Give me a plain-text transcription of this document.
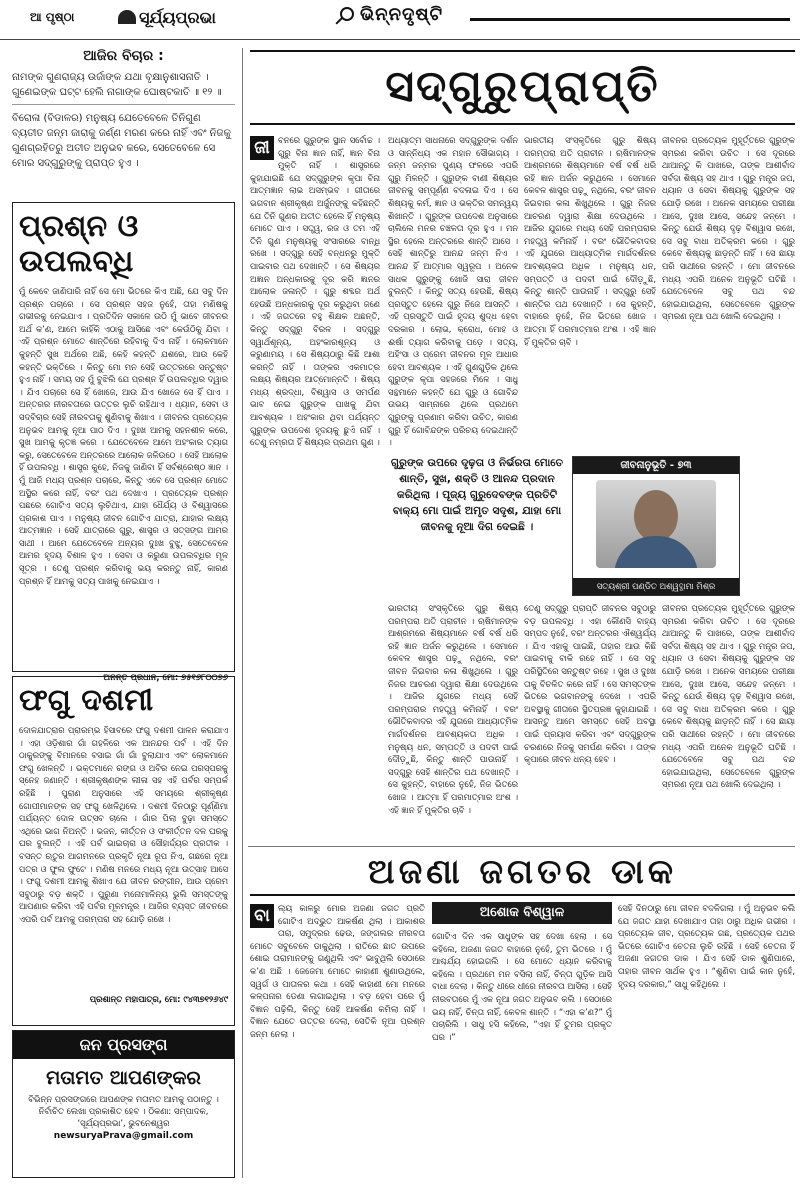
ଆ ପୃଷ୍ଠା	ସୂର୍ଯ୍ୟପ୍ରଭା	ଭିନ୍ନଦୃଷ୍ଟି
ଆଜିର ବିଚାର :
ନାମଙ୍କ ଗୁଣରାଜ୍ୟ ଉର୍ଜାଙ୍କ ଯଥା ବୃକ୍ଷାନୁଶାସନାତି । ଗୁଣେଇଙ୍କ ଘଟ୍ଟ ହେଲି ନାଗାଙ୍କ ଘୋଷ୍ଟକାତି ॥ ୧୨ ॥
ବିରୋଳା (ବିଡାଳର) ମନୁଷ୍ୟ ଯେତେବେଳେ ତିନିଗୁଣ ବ୍ୟତୀତ ଜନ୍ମ ଜାରାକୁ ଜର୍ଣ୍ଣ ମରଣ କରେ ନାହିଁ ଏବଂ ନିଜକୁ ଗୁଣଗ୍ରହିତରୁ ଅତୀତ ଅନୁଭବ କରେ, ସେତେବେଳେ ସେ ମୋର ସଦ୍‌ଗୁରୁଙ୍କୁ ପ୍ରାପ୍ତ ହୁଏ ।
ପ୍ରଶ୍ନ ଓ ଉପଲବ୍ଧି
ମୁଁ କେବେ ଜାଣିପାରି ନାହିଁ ସେ ମୋ ଭିତରେ କିଏ ଅଛି, ଯେ ସବୁ ଦିନ ପ୍ରଶ୍ନ ପଚାରେ । ସେ ପ୍ରଶ୍ନ ସହଜ ନୁହେଁ, ତାହା ମଣିଷକୁ ଗଭୀରକୁ ନେଇଯାଏ । ପ୍ରତିଦିନ ସକାଳେ ଉଠି ମୁଁ ଭାବେ ଜୀବନର ଅର୍ଥ କ’ଣ, ଆମେ କାହିଁକି ଏଠାକୁ ଆସିଛେ ଏବଂ କେଉଁଠିକୁ ଯିବା । ଏହି ପ୍ରଶ୍ନ ମୋତେ ଶାନ୍ତିରେ ରହିବାକୁ ଦିଏ ନାହିଁ । ଲୋକମାନେ କୁହନ୍ତି ସୁଖ ଅର୍ଥରେ ଅଛି, କେହି କହନ୍ତି ଯଶରେ, ଆଉ କେହି କହନ୍ତି ଭକ୍ତିରେ । କିନ୍ତୁ ମୋ ମନ ସେହି ଉତ୍ତରରେ ସନ୍ତୁଷ୍ଟ ହୁଏ ନାହିଁ । ସମୟ ସହ ମୁଁ ବୁଝିଲି ଯେ ପ୍ରଶ୍ନ ହିଁ ଉପଲବ୍ଧିର ଦ୍ୱାର । ଯିଏ ପଚାରେ ସେ ହିଁ ଖୋଜେ, ଆଉ ଯିଏ ଖୋଜେ ସେ ହିଁ ପାଏ । ଅନ୍ତରର ନୀରବତାରେ ଉତ୍ତର ଲୁଚି ରହିଥାଏ । ଧ୍ୟାନ, ସେବା ଓ ସଦ୍‌ବିଚାର ସେହି ନୀରବତାକୁ ଶୁଣିବାକୁ ଶିଖାଏ । ଜୀବନର ପ୍ରତ୍ୟେକ ଅନୁଭବ ଆମକୁ ନୂଆ ପାଠ ଦିଏ । ଦୁଃଖ ଆମକୁ ସହନଶୀଳ କରେ, ସୁଖ ଆମକୁ କୃତଜ୍ଞ କରେ । ଯେତେବେଳେ ଆମେ ଅହଂକାର ତ୍ୟାଗ କରୁ, ସେତେବେଳେ ଅନ୍ତରରେ ଆଲୋକ ଜଳିଉଠେ । ସେହି ଆଲୋକ ହିଁ ଉପଲବ୍ଧି । ଶାସ୍ତ୍ର କୁହେ, ନିଜକୁ ଜାଣିବା ହିଁ ସର୍ବଶ୍ରେଷ୍ଠ ଜ୍ଞାନ । ମୁଁ ଆଜି ମଧ୍ୟ ପ୍ରଶ୍ନ ପଚାରେ, କିନ୍ତୁ ଏବେ ସେ ପ୍ରଶ୍ନ ମୋତେ ଅସ୍ଥିର କରେ ନାହିଁ, ବରଂ ପଥ ଦେଖାଏ । ପ୍ରତ୍ୟେକ ପ୍ରଶ୍ନ ପଛରେ ଗୋଟିଏ ସତ୍ୟ ଲୁଚିଥାଏ, ଯାହା ଧୈର୍ଯ୍ୟ ଓ ବିଶ୍ୱାସରେ ପ୍ରକାଶ ପାଏ । ମନୁଷ୍ୟ ଜୀବନ ଗୋଟିଏ ଯାତ୍ରା, ଯାହାର ଲକ୍ଷ୍ୟ ଆତ୍ମଜ୍ଞାନ । ସେହି ଯାତ୍ରାରେ ଗୁରୁ, ଶାସ୍ତ୍ର ଓ ସତ୍‌ସଙ୍ଗ ଆମର ସାଥୀ । ଆମେ ଯେତେବେଳେ ଅନ୍ୟର ଦୁଃଖ ବୁଝୁ, ସେତେବେଳେ ଆମର ହୃଦୟ ବିଶାଳ ହୁଏ । ସେବା ଓ କରୁଣା ଉପଲବ୍ଧିର ମୂଳ ସୂତ୍ର । ତେଣୁ ପ୍ରଶ୍ନ କରିବାକୁ ଭୟ କରନ୍ତୁ ନାହିଁ, କାରଣ ପ୍ରଶ୍ନ ହିଁ ଆମକୁ ସତ୍ୟ ପାଖକୁ ନେଇଯାଏ ।
ଅନନ୍ତ ପ୍ରଧାନ, ମୋ: ୭୫୧୬୮୦୦୭୬
ଫଗୁ ଦଶମୀ
ଦୋଳଯାତ୍ରାର ପ୍ରାରମ୍ଭ ହିସାବରେ ଫଗୁ ଦଶମୀ ପାଳନ କରାଯାଏ । ଏହା ଓଡ଼ିଶାର ଗାଁ ଗହଳିରେ ଏକ ଆନନ୍ଦର ପର୍ବ । ଏହି ଦିନ ଠାକୁରଙ୍କୁ ବିମାନରେ ବସାଇ ଗାଁ ଗାଁ ବୁଲାଯାଏ ଏବଂ ଲୋକମାନେ ଫଗୁ ଖେଳନ୍ତି । ଭକ୍ତମାନେ ରଙ୍ଗ ଓ ଅବିର ନେଇ ପରସ୍ପରକୁ ସ୍ନେହ ଜଣାନ୍ତି । ଶ୍ରୀକୃଷ୍ଣଙ୍କ ଲୀଳା ସହ ଏହି ପର୍ବର ସମ୍ପର୍କ ରହିଛି । ପୁରାଣ ଅନୁସାରେ ଏହି ସମୟରେ ଶ୍ରୀକୃଷ୍ଣ ଗୋପୀମାନଙ୍କ ସହ ଫଗୁ ଖେଳିଥିଲେ । ଦଶମୀ ଦିନଠାରୁ ପୂର୍ଣ୍ଣିମା ପର୍ଯ୍ୟନ୍ତ ଦୋଳ ଉତ୍ସବ ଚାଲେ । ଗାଁର ପିଲା ବୁଢ଼ା ସମସ୍ତେ ଏଥିରେ ଭାଗ ନିଅନ୍ତି । ଭଜନ, କୀର୍ତ୍ତନ ଓ ସଂକୀର୍ତ୍ତନ ଦଳ ଘରକୁ ଘର ବୁଲନ୍ତି । ଏହି ପର୍ବ ଭାଇଚାରା ଓ ସୌହାର୍ଦ୍ଦ୍ୟର ପ୍ରତୀକ । ବସନ୍ତ ଋତୁର ଆଗମନରେ ପ୍ରକୃତି ନୂଆ ରୂପ ନିଏ, ଗଛରେ ନୂଆ ପତ୍ର ଓ ଫୁଲ ଫୁଟେ । ମଣିଷ ମନରେ ମଧ୍ୟ ନୂଆ ଉତ୍ସାହ ଆସେ । ଫଗୁ ଦଶମୀ ଆମକୁ ଶିଖାଏ ଯେ ଜୀବନ ରଙ୍ଗୀନ, ଆଉ ପ୍ରେମ ସବୁଠାରୁ ବଡ଼ ଶକ୍ତି । ପୁରୁଣା ମନୋମାଳିନ୍ୟ ଭୁଲି ସମସ୍ତଙ୍କୁ ଆପଣାର କରିବା ଏହି ପର୍ବର ମୂଳମନ୍ତ୍ର । ଆଜିର ବ୍ୟସ୍ତ ଜୀବନରେ ଏପରି ପର୍ବ ଆମକୁ ପରମ୍ପରା ସହ ଯୋଡ଼ି ରଖେ ।
ପ୍ରଶାନ୍ତ ମହାପାତ୍ର, ମୋ: ୯୪୩୭୧୨୬୪୯
ଜନ ପ୍ରସଙ୍ଗ
ମତାମତ ଆପଣଙ୍କର
ବିଭିନ୍ନ ପ୍ରସଙ୍ଗରେ ଆପଣଙ୍କ ମତାମତ ଆମକୁ ପଠାନ୍ତୁ । ନିର୍ବାଚିତ ଲେଖା ପ୍ରକାଶିତ ହେବ । ଠିକଣା: ସମ୍ପାଦକ, ‘ସୂର୍ଯ୍ୟପ୍ରଭା’, ଭୁବନେଶ୍ୱର
newsuryaPrava@gmail.com
ସଦ୍‌ଗୁରୁପ୍ରାପ୍ତି
ଜୀ ବନରେ ଗୁରୁଙ୍କ ସ୍ଥାନ ସର୍ବୋଚ୍ଚ । ଗୁରୁ ବିନା ଜ୍ଞାନ ନାହିଁ, ଜ୍ଞାନ ବିନା ମୁକ୍ତି ନାହିଁ । ଶାସ୍ତ୍ରରେ କୁହାଯାଇଛି ଯେ ସଦ୍‌ଗୁରୁଙ୍କ କୃପା ବିନା ଆତ୍ମଜ୍ଞାନ ଲାଭ ଅସମ୍ଭବ । ଗୀତାରେ ଭଗବାନ ଶ୍ରୀକୃଷ୍ଣ ଅର୍ଜୁନଙ୍କୁ କହିଛନ୍ତି ଯେ ତିନି ଗୁଣର ଅତୀତ ହେଲେ ହିଁ ମନୁଷ୍ୟ ମୋତେ ପାଏ । ସତ୍ତ୍ୱ, ରଜ ଓ ତମ ଏହି ତିନି ଗୁଣ ମନୁଷ୍ୟକୁ ସଂସାରରେ ବାନ୍ଧି ରଖେ । ସଦ୍‌ଗୁରୁ ସେହି ବନ୍ଧନରୁ ମୁକ୍ତି ପାଇବାର ପଥ ଦେଖାନ୍ତି । ସେ ଶିଷ୍ୟର ଅଜ୍ଞାନ ଅନ୍ଧକାରକୁ ଦୂର କରି ଜ୍ଞାନର ଆଲୋକ ଜଳାନ୍ତି । ଗୁରୁ ଶବ୍ଦର ଅର୍ଥ ହେଉଛି ଅନ୍ଧକାରକୁ ଦୂର କରୁଥିବା ଜଣେ । ଏହି ଜଗତରେ ବହୁ ଶିକ୍ଷକ ଅଛନ୍ତି, କିନ୍ତୁ ସଦ୍‌ଗୁରୁ ବିରଳ । ସଦ୍‌ଗୁରୁ ସ୍ୱାର୍ଥଶୂନ୍ୟ, ଅହଂକାରଶୂନ୍ୟ ଓ କରୁଣାମୟ । ସେ ଶିଷ୍ୟଠାରୁ କିଛି ଆଶା କରନ୍ତି ନାହିଁ । ତାଙ୍କର ଏକମାତ୍ର ଲକ୍ଷ୍ୟ ଶିଷ୍ୟର ଆତ୍ମୋନ୍ନତି । ଶିଷ୍ୟ ମଧ୍ୟ ଶ୍ରଦ୍ଧା, ବିଶ୍ୱାସ ଓ ସମର୍ପଣ ଭାବ ନେଇ ଗୁରୁଙ୍କ ପାଖକୁ ଯିବା ଆବଶ୍ୟକ । ଅହଂକାର ଥିବା ପର୍ଯ୍ୟନ୍ତ ଗୁରୁଙ୍କ ଉପଦେଶ ହୃଦୟକୁ ଛୁଏଁ ନାହିଁ । ତେଣୁ ନମ୍ରତା ହିଁ ଶିଷ୍ୟର ପ୍ରଥମ ଗୁଣ ।
ଅଧ୍ୟାତ୍ମ ସାଧନାରେ ସଦ୍‌ଗୁରୁଙ୍କ ଦର୍ଶନ ଓ ସାନ୍ନିଧ୍ୟ ଏକ ମହାନ ସୌଭାଗ୍ୟ । ଜନ୍ମ ଜନ୍ମର ପୁଣ୍ୟ ଫଳରେ ଏପରି ଗୁରୁ ମିଳନ୍ତି । ଗୁରୁଙ୍କ ବାଣୀ ଶିଷ୍ୟର ଜୀବନକୁ ସମ୍ପୂର୍ଣ୍ଣ ବଦଳାଇ ଦିଏ । ସେ ଶିଷ୍ୟକୁ କର୍ମ, ଜ୍ଞାନ ଓ ଭକ୍ତିର ସମନ୍ୱୟ ଶିଖାନ୍ତି । ଗୁରୁଙ୍କ ଉପଦେଶ ଅନୁସାରେ ଚାଲିଲେ ମନର ଚଞ୍ଚଳତା ଦୂର ହୁଏ । ମନ ସ୍ଥିର ହେଲେ ଅନ୍ତରରେ ଶାନ୍ତି ଆସେ । ସେହି ଶାନ୍ତିରୁ ଆନନ୍ଦ ଜନ୍ମ ନିଏ । ଆନନ୍ଦ ହିଁ ଆତ୍ମାର ସ୍ୱରୂପ । ଅନେକ ସାଧକ ଗୁରୁଙ୍କୁ ଖୋଜି ସାରା ଜୀବନ ବୁଲନ୍ତି । କିନ୍ତୁ ସତ୍ୟ ହେଉଛି, ଶିଷ୍ୟ ପ୍ରସ୍ତୁତ ହେଲେ ଗୁରୁ ନିଜେ ଆସନ୍ତି । ଏହି ପ୍ରସ୍ତୁତି ପାଇଁ ହୃଦୟ ଶୁଦ୍ଧ ହେବା ଦରକାର । ଲୋଭ, କ୍ରୋଧ, ମୋହ ଓ ଈର୍ଷା ତ୍ୟାଗ କରିବାକୁ ପଡ଼େ । ସତ୍ୟ, ଅହିଂସା ଓ ପ୍ରେମ ଜୀବନର ମୂଳ ଆଧାର ହେବା ଆବଶ୍ୟକ । ଏହି ଗୁଣଗୁଡ଼ିକ ଥିଲେ ଗୁରୁଙ୍କ କୃପା ସହଜରେ ମିଳେ । ସାଧୁ ସନ୍ଥମାନେ କହନ୍ତି ଯେ ଗୁରୁ ଓ ଗୋବିନ୍ଦ ଉଭୟ ସାମ୍ନାରେ ଥିଲେ ପ୍ରଥମେ ଗୁରୁଙ୍କୁ ପ୍ରଣାମ କରିବା ଉଚିତ, କାରଣ ଗୁରୁ ହିଁ ଗୋବିନ୍ଦଙ୍କ ପରିଚୟ ଦେଇଥାନ୍ତି ।
ଭାରତୀୟ ସଂସ୍କୃତିରେ ଗୁରୁ ଶିଷ୍ୟ ପରମ୍ପରା ଅତି ପ୍ରାଚୀନ । ଋଷିମାନଙ୍କ ଆଶ୍ରମରେ ଶିଷ୍ୟମାନେ ବର୍ଷ ବର୍ଷ ଧରି ରହି ଜ୍ଞାନ ଅର୍ଜନ କରୁଥିଲେ । ସେମାନେ କେବଳ ଶାସ୍ତ୍ର ପଢ଼ୁ ନଥିଲେ, ବରଂ ଜୀବନ ଜିଇବାର କଳା ଶିଖୁଥିଲେ । ଗୁରୁ ନିଜର ଆଚରଣ ଦ୍ୱାରା ଶିକ୍ଷା ଦେଉଥିଲେ । ଆଜିର ଯୁଗରେ ମଧ୍ୟ ସେହି ପରମ୍ପରାର ମହତ୍ତ୍ୱ କମିନାହିଁ । ବରଂ ଭୌତିକବାଦର ଏହି ଯୁଗରେ ଆଧ୍ୟାତ୍ମିକ ମାର୍ଗଦର୍ଶନର ଆବଶ୍ୟକତା ଅଧିକ । ମନୁଷ୍ୟ ଧନ, ସମ୍ପତ୍ତି ଓ ପଦବୀ ପାଇଁ ଦୌଡ଼ୁଛି, କିନ୍ତୁ ଶାନ୍ତି ପାଉନାହିଁ । ସଦ୍‌ଗୁରୁ ସେହି ଶାନ୍ତିର ପଥ ଦେଖାନ୍ତି । ସେ କୁହନ୍ତି, ବାହାରେ ନୁହେଁ, ନିଜ ଭିତରେ ଖୋଜ । ଆତ୍ମା ହିଁ ପରମାତ୍ମାର ଅଂଶ । ଏହି ଜ୍ଞାନ ହିଁ ମୁକ୍ତିର ଚାବି ।
ଜୀବନର ପ୍ରତ୍ୟେକ ମୁହୂର୍ତ୍ତରେ ଗୁରୁଙ୍କ ସ୍ମରଣ କରିବା ଉଚିତ । ସେ ଦୂରରେ ଥାଆନ୍ତୁ କି ପାଖରେ, ତାଙ୍କ ଆଶୀର୍ବାଦ ସର୍ବଦା ଶିଷ୍ୟ ସହ ଥାଏ । ଗୁରୁ ମନ୍ତ୍ର ଜପ, ଧ୍ୟାନ ଓ ସେବା ଶିଷ୍ୟକୁ ଗୁରୁଙ୍କ ସହ ଯୋଡ଼ି ରଖେ । ଅନେକ ସମୟରେ ପରୀକ୍ଷା ଆସେ, ଦୁଃଖ ଆସେ, ସନ୍ଦେହ ଜନ୍ମେ । କିନ୍ତୁ ଯେଉଁ ଶିଷ୍ୟ ଦୃଢ଼ ବିଶ୍ୱାସ ରଖେ, ସେ ସବୁ ବାଧା ଅତିକ୍ରମ କରେ । ଗୁରୁ କେବେ ଶିଷ୍ୟକୁ ଛାଡ଼ନ୍ତି ନାହିଁ । ସେ ଛାୟା ପରି ସାଥୀରେ ରହନ୍ତି । ମୋ ଜୀବନରେ ମଧ୍ୟ ଏପରି ଅନେକ ଅନୁଭୂତି ଘଟିଛି । ଯେତେବେଳେ ସବୁ ପଥ ବନ୍ଦ ହୋଇଯାଇଥିଲା, ସେତେବେଳେ ଗୁରୁଙ୍କ ସ୍ମରଣ ନୂଆ ପଥ ଖୋଲି ଦେଇଥିଲା ।
ଗୁରୁଙ୍କ ଉପରେ ଦୃଢ଼ତା ଓ ନିର୍ଭରତା ମୋତେ ଶାନ୍ତି, ସୁଖ, ଶକ୍ତି ଓ ଆନନ୍ଦ ପ୍ରଦାନ କରିଥିଲା । ପୂଜ୍ୟ ଗୁରୁଦେବଙ୍କ ପ୍ରତିଟି ବାକ୍ୟ ମୋ ପାଇଁ ଅମୃତ ସଦୃଶ, ଯାହା ମୋ ଜୀବନକୁ ନୂଆ ଦିଗ ଦେଇଛି ।
ଜୀବନାନୁଭୂତି - ୭୩
ସତ୍ୟଶ୍ରୀ ପଣ୍ଡିତ ଅଶ୍ୱତ୍ଥାମା ମିଶ୍ର
ଭାରତୀୟ ସଂସ୍କୃତିରେ ଗୁରୁ ଶିଷ୍ୟ ପରମ୍ପରା ଅତି ପ୍ରାଚୀନ । ଋଷିମାନଙ୍କ ଆଶ୍ରମରେ ଶିଷ୍ୟମାନେ ବର୍ଷ ବର୍ଷ ଧରି ରହି ଜ୍ଞାନ ଅର୍ଜନ କରୁଥିଲେ । ସେମାନେ କେବଳ ଶାସ୍ତ୍ର ପଢ଼ୁ ନଥିଲେ, ବରଂ ଜୀବନ ଜିଇବାର କଳା ଶିଖୁଥିଲେ । ଗୁରୁ ନିଜର ଆଚରଣ ଦ୍ୱାରା ଶିକ୍ଷା ଦେଉଥିଲେ । ଆଜିର ଯୁଗରେ ମଧ୍ୟ ସେହି ପରମ୍ପରାର ମହତ୍ତ୍ୱ କମିନାହିଁ । ବରଂ ଭୌତିକବାଦର ଏହି ଯୁଗରେ ଆଧ୍ୟାତ୍ମିକ ମାର୍ଗଦର୍ଶନର ଆବଶ୍ୟକତା ଅଧିକ । ମନୁଷ୍ୟ ଧନ, ସମ୍ପତ୍ତି ଓ ପଦବୀ ପାଇଁ ଦୌଡ଼ୁଛି, କିନ୍ତୁ ଶାନ୍ତି ପାଉନାହିଁ । ସଦ୍‌ଗୁରୁ ସେହି ଶାନ୍ତିର ପଥ ଦେଖାନ୍ତି । ସେ କୁହନ୍ତି, ବାହାରେ ନୁହେଁ, ନିଜ ଭିତରେ ଖୋଜ । ଆତ୍ମା ହିଁ ପରମାତ୍ମାର ଅଂଶ । ଏହି ଜ୍ଞାନ ହିଁ ମୁକ୍ତିର ଚାବି ।
ତେଣୁ ସଦ୍‌ଗୁରୁ ପ୍ରାପ୍ତି ଜୀବନର ସବୁଠାରୁ ବଡ଼ ଉପଲବ୍ଧି । ଏହା କୌଣସି ବାହ୍ୟ ସମ୍ପଦ ନୁହେଁ, ବରଂ ଅନ୍ତରର ଐଶ୍ୱର୍ଯ୍ୟ । ଯିଏ ଏହାକୁ ପାଇଛି, ତାହାର ଆଉ କିଛି ପାଇବାକୁ ବାକି ରହେ ନାହିଁ । ସେ ସବୁ ପରିସ୍ଥିତିରେ ସନ୍ତୁଷ୍ଟ ରହେ । ସୁଖ ଓ ଦୁଃଖ ତାକୁ ବିଚଳିତ କରେ ନାହିଁ । ସେ ସମସ୍ତଙ୍କ ଭିତରେ ଭଗବାନଙ୍କୁ ଦେଖେ । ଏପରି ଅବସ୍ଥାକୁ ଗୀତାରେ ସ୍ଥିତପ୍ରଜ୍ଞ କୁହାଯାଇଛି । ଆସନ୍ତୁ ଆମେ ସମସ୍ତେ ସେହି ଅବସ୍ଥା ପାଇଁ ପ୍ରୟାସ କରିବା ଏବଂ ସଦ୍‌ଗୁରୁଙ୍କ ଚରଣରେ ନିଜକୁ ସମର୍ପଣ କରିବା । ତାଙ୍କ କୃପାରେ ଜୀବନ ଧନ୍ୟ ହେବ ।
ଜୀବନର ପ୍ରତ୍ୟେକ ମୁହୂର୍ତ୍ତରେ ଗୁରୁଙ୍କ ସ୍ମରଣ କରିବା ଉଚିତ । ସେ ଦୂରରେ ଥାଆନ୍ତୁ କି ପାଖରେ, ତାଙ୍କ ଆଶୀର୍ବାଦ ସର୍ବଦା ଶିଷ୍ୟ ସହ ଥାଏ । ଗୁରୁ ମନ୍ତ୍ର ଜପ, ଧ୍ୟାନ ଓ ସେବା ଶିଷ୍ୟକୁ ଗୁରୁଙ୍କ ସହ ଯୋଡ଼ି ରଖେ । ଅନେକ ସମୟରେ ପରୀକ୍ଷା ଆସେ, ଦୁଃଖ ଆସେ, ସନ୍ଦେହ ଜନ୍ମେ । କିନ୍ତୁ ଯେଉଁ ଶିଷ୍ୟ ଦୃଢ଼ ବିଶ୍ୱାସ ରଖେ, ସେ ସବୁ ବାଧା ଅତିକ୍ରମ କରେ । ଗୁରୁ କେବେ ଶିଷ୍ୟକୁ ଛାଡ଼ନ୍ତି ନାହିଁ । ସେ ଛାୟା ପରି ସାଥୀରେ ରହନ୍ତି । ମୋ ଜୀବନରେ ମଧ୍ୟ ଏପରି ଅନେକ ଅନୁଭୂତି ଘଟିଛି । ଯେତେବେଳେ ସବୁ ପଥ ବନ୍ଦ ହୋଇଯାଇଥିଲା, ସେତେବେଳେ ଗୁରୁଙ୍କ ସ୍ମରଣ ନୂଆ ପଥ ଖୋଲି ଦେଇଥିଲା ।
ଅଜଣା ଜଗତର ଡାକ
ଅଶୋକ ବିଶ୍ୱାଳ
ବା ଲ୍ୟ କାଳରୁ ମୋର ଅଜଣା ଜଗତ ପ୍ରତି ଗୋଟିଏ ଅଦ୍ଭୁତ ଆକର୍ଷଣ ଥିଲା । ଆକାଶର ତାରା, ସମୁଦ୍ରର ଢେଉ, ଜଙ୍ଗଲର ନୀରବତା ମୋତେ ସବୁବେଳେ ଡାକୁଥିଲା । ରାତିରେ ଛାତ ଉପରେ ଶୋଇ ତାରାମାନଙ୍କୁ ଗଣୁଥିଲି ଏବଂ ଭାବୁଥିଲି ସେଠାରେ କ’ଣ ଅଛି । ଜେଜେମା ମୋତେ କାହାଣୀ ଶୁଣାଉଥିଲେ, ସ୍ୱର୍ଗ ଓ ପାତାଳର କଥା । ସେହି କାହାଣୀ ମୋ ମନରେ କଳ୍ପନାର ଡେଣା ଲଗାଇଥିଲା । ବଡ଼ ହେବା ପରେ ମୁଁ ବିଜ୍ଞାନ ପଢ଼ିଲି, କିନ୍ତୁ ସେହି ଆକର୍ଷଣ କମିଲା ନାହିଁ । ବିଜ୍ଞାନ ଯେତେ ଉତ୍ତର ଦେଲା, ସେତିକି ନୂଆ ପ୍ରଶ୍ନ ଜନ୍ମ ନେଲା ।
ଗୋଟିଏ ଦିନ ଏକ ସାଧୁଙ୍କ ସହ ଦେଖା ହେଲା । ସେ କହିଲେ, ଅଜଣା ଜଗତ ବାହାରେ ନୁହେଁ, ତୁମ ଭିତରେ । ମୁଁ ଆଶ୍ଚର୍ଯ୍ୟ ହୋଇଗଲି । ସେ ମୋତେ ଧ୍ୟାନ କରିବାକୁ କହିଲେ । ପ୍ରଥମେ ମନ ବସିଲା ନାହିଁ, ଚିନ୍ତା ଗୁଡ଼ିକ ଆସି ବାଧା ଦେଲା । କିନ୍ତୁ ଧୀରେ ଧୀରେ ନୀରବତା ଆସିଲା । ସେହି ନୀରବତାରେ ମୁଁ ଏକ ନୂଆ ଜଗତ ଅନୁଭବ କଲି । ସେଠାରେ ଭୟ ନାହିଁ, ଚିନ୍ତା ନାହିଁ, କେବଳ ଶାନ୍ତି । “ଏହା କ’ଣ?” ମୁଁ ପଚାରିଲି । ସାଧୁ ହସି କହିଲେ, “ଏହା ହିଁ ତୁମର ପ୍ରକୃତ ଘର ।”
ସେହି ଦିନଠାରୁ ମୋ ଜୀବନ ବଦଳିଗଲା । ମୁଁ ଅନୁଭବ କଲି ଯେ ଜଗତ ଯାହା ଦେଖାଯାଏ ତାହା ଠାରୁ ଅଧିକ ଗଭୀର । ପ୍ରତ୍ୟେକ ଜୀବ, ପ୍ରତ୍ୟେକ ଗଛ, ପ୍ରତ୍ୟେକ ପଥର ଭିତରେ ଗୋଟିଏ ଚେତନା ଲୁଚି ରହିଛି । ସେହି ଚେତନା ହିଁ ଅଜଣା ଜଗତର ଡାକ । ଯିଏ ସେହି ଡାକ ଶୁଣିପାରେ, ତାହାର ଜୀବନ ସାର୍ଥକ ହୁଏ । “ଶୁଣିବା ପାଇଁ କାନ ନୁହେଁ, ହୃଦୟ ଦରକାର,” ସାଧୁ କହିଥିଲେ ।
